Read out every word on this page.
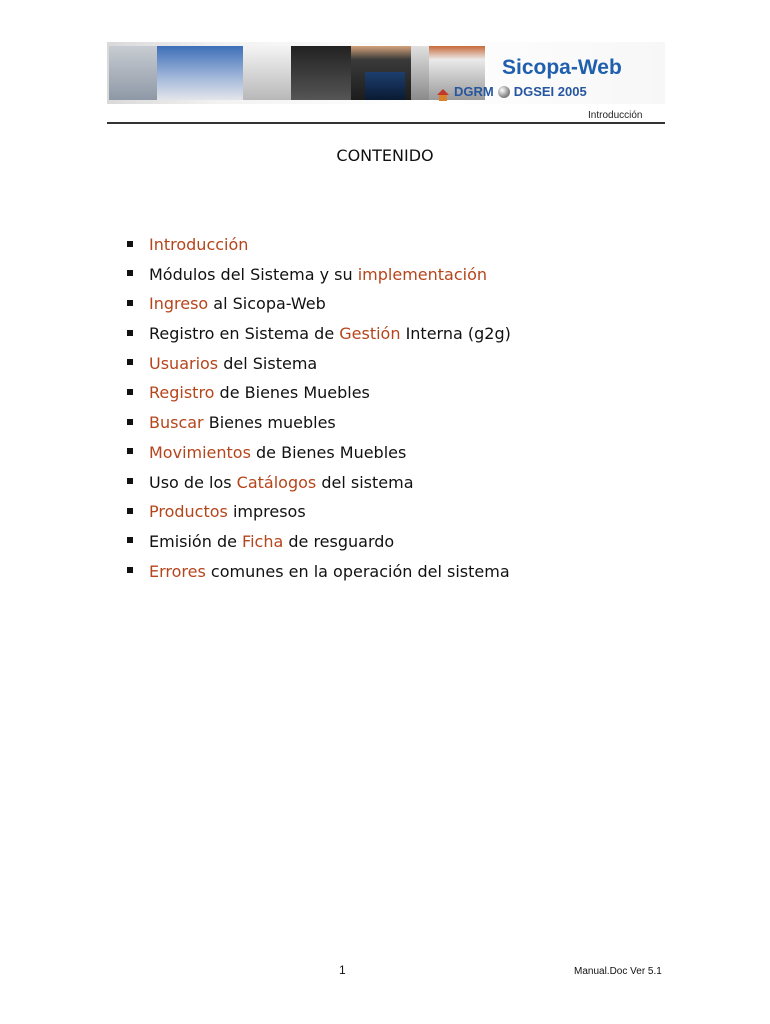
Sicopa-Web
DGRM DGSEI 2005
Introducción
CONTENIDO
Introducción
Módulos del Sistema y su implementación
Ingreso al Sicopa-Web
Registro en Sistema de Gestión Interna (g2g)
Usuarios del Sistema
Registro de Bienes Muebles
Buscar Bienes muebles
Movimientos de Bienes Muebles
Uso de los Catálogos del sistema
Productos impresos
Emisión de Ficha de resguardo
Errores comunes en la operación del sistema
1	Manual.Doc Ver 5.1
